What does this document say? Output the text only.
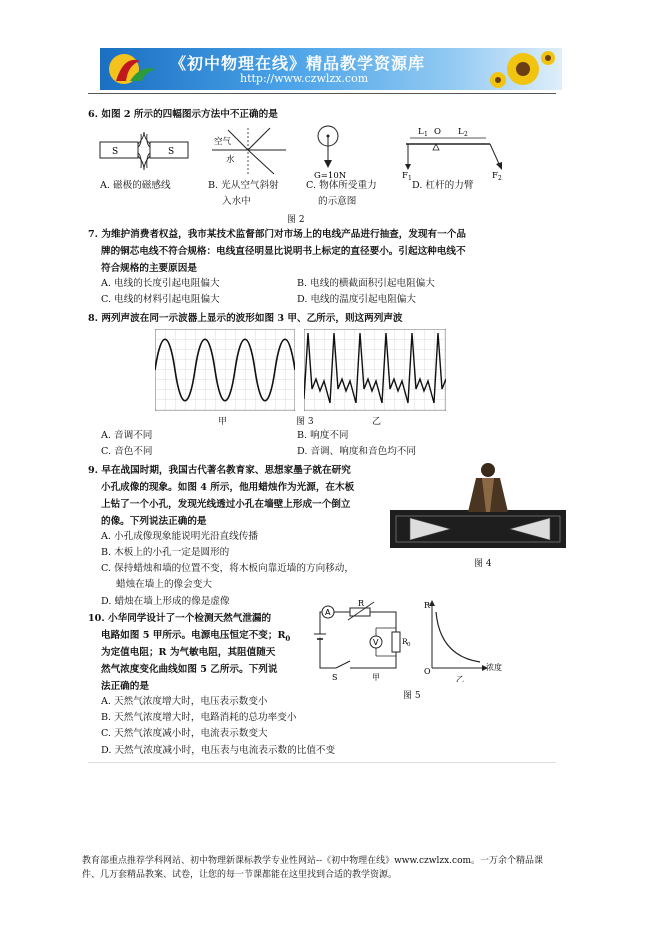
《初中物理在线》精品教学资源库
http://www.czwlzx.com
6. 如图 2 所示的四幅图示方法中不正确的是
S	S
A. 磁极的磁感线
空气
水
B. 光从空气斜射
入水中
G=10N
C. 物体所受重力
的示意图
L 1 O L 2
F 1	F 2
D. 杠杆的力臂
图 2
7. 为维护消费者权益，我市某技术监督部门对市场上的电线产品进行抽查，发现有一个品
牌的铜芯电线不符合规格：电线直径明显比说明书上标定的直径要小。引起这种电线不
符合规格的主要原因是
A. 电线的长度引起电阻偏大	B. 电线的横截面积引起电阻偏大
C. 电线的材料引起电阻偏大	D. 电线的温度引起电阻偏大
8. 两列声波在同一示波器上显示的波形如图 3 甲、乙所示，则这两列声波
甲	图 3	乙
A. 音调不同	B. 响度不同
C. 音色不同	D. 音调、响度和音色均不同
9. 早在战国时期，我国古代著名教育家、思想家墨子就在研究
小孔成像的现象。如图 4 所示，他用蜡烛作为光源，在木板
上钻了一个小孔，发现光线透过小孔在墙壁上形成一个倒立
的像。下列说法正确的是
A. 小孔成像现象能说明光沿直线传播
B. 木板上的小孔一定是圆形的
C. 保持蜡烛和墙的位置不变，将木板向靠近墙的方向移动，
蜡烛在墙上的像会变大
D. 蜡烛在墙上形成的像是虚像
图 4
10. 小华同学设计了一个检测天然气泄漏的
电路如图 5 甲所示。电源电压恒定不变；$R_0$
为定值电阻；R 为气敏电阻，其阻值随天
然气浓度变化曲线如图 5 乙所示。下列说
法正确的是
A. 天然气浓度增大时，电压表示数变小
B. 天然气浓度增大时，电路消耗的总功率变小
C. 天然气浓度减小时，电流表示数变大
D. 天然气浓度减小时，电压表与电流表示数的比值不变
A
R
R 0
V
S	甲
R
O	浓度
乙
图 5
教育部重点推荐学科网站、初中物理新课标教学专业性网站--《初中物理在线》www.czwlzx.com。一万余个精品课
件、几万套精品教案、试卷，让您的每一节课都能在这里找到合适的教学资源。
